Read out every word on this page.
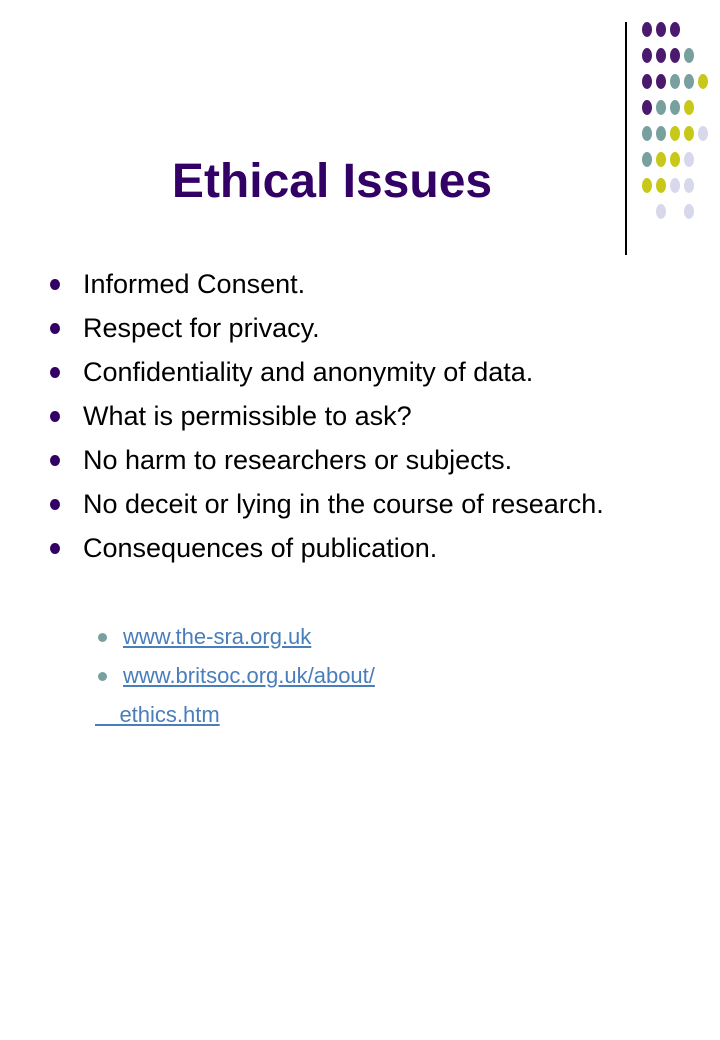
Ethical Issues
Informed Consent.
Respect for privacy.
Confidentiality and anonymity of data.
What is permissible to ask?
No harm to researchers or subjects.
No deceit or lying in the course of research.
Consequences of publication.
www.the-sra.org.uk
www.britsoc.org.uk/about/
ethics.htm
